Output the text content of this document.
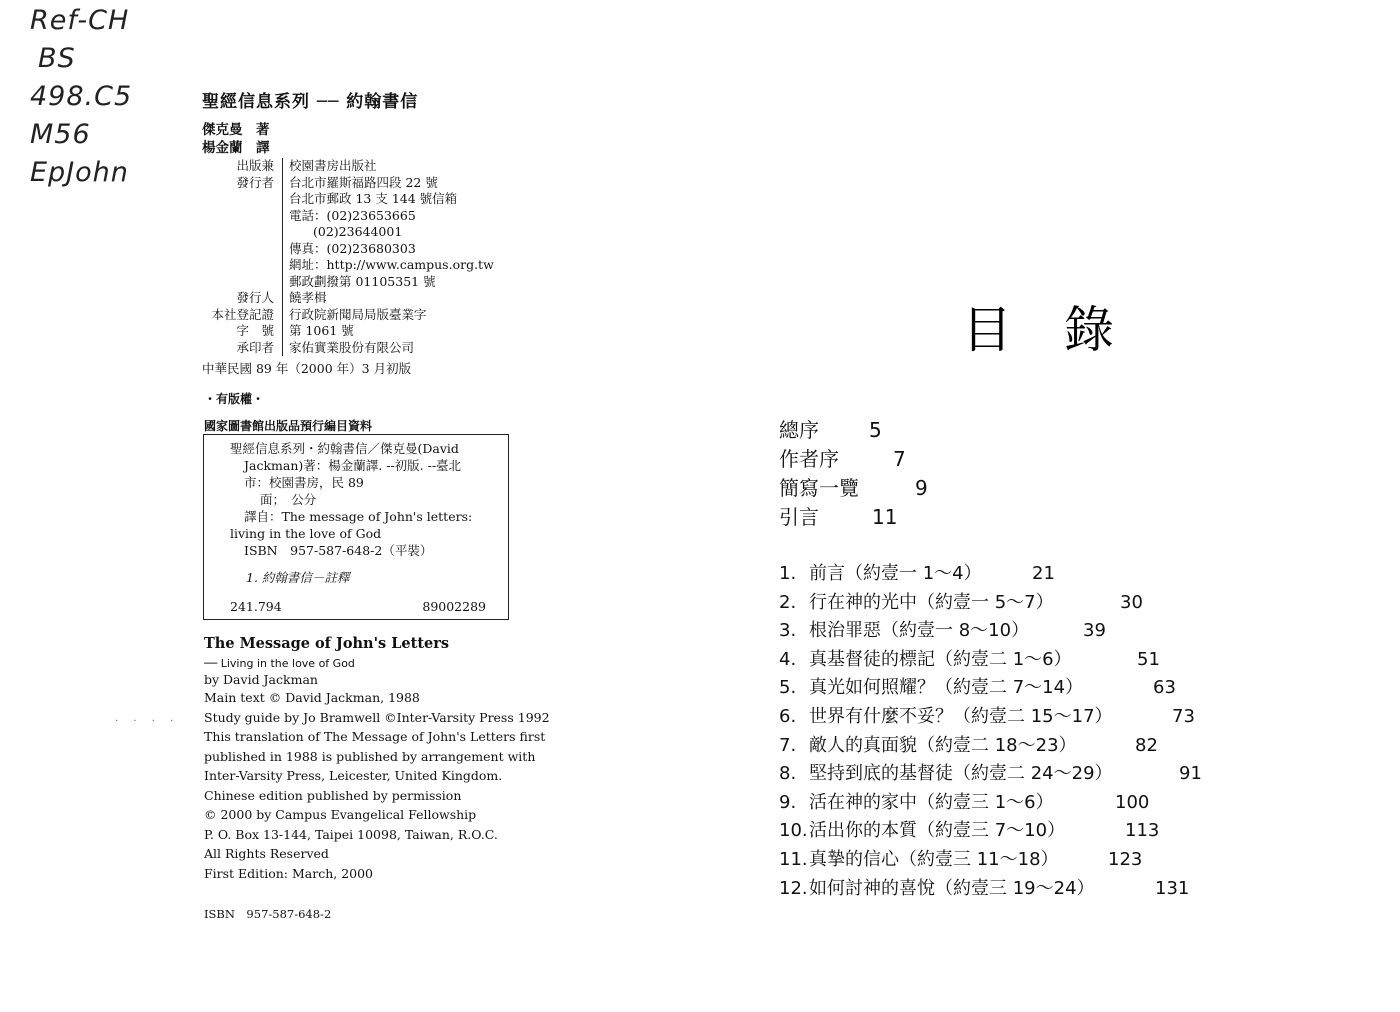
Ref-CH
BS
498.C5
M56
EpJohn
聖經信息系列 ── 約翰書信
傑克曼　著
楊金蘭　譯
出版兼	校園書房出版社
發行者	台北市羅斯福路四段 22 號
台北市郵政 13 支 144 號信箱
電話：(02)23653665
(02)23644001
傳真：(02)23680303
網址：http://www.campus.org.tw
郵政劃撥第 01105351 號
發行人	饒孝楫
本社登記證	行政院新聞局局版臺業字
字　號	第 1061 號
承印者	家佑實業股份有限公司
中華民國 89 年（2000 年）3 月初版
・有版權・
國家圖書館出版品預行編目資料
聖經信息系列・約翰書信／傑克曼(David
Jackman)著：楊金蘭譯. --初版. --臺北
市：校園書房，民 89
面；　公分
譯自：The message of John's letters:
living in the love of God
ISBN　957-587-648-2（平裝）
1. 約翰書信－註釋
241.794	89002289
The Message of John's Letters
── Living in the love of God
by David Jackman
Main text © David Jackman, 1988
Study guide by Jo Bramwell ©Inter-Varsity Press 1992
This translation of The Message of John's Letters first
published in 1988 is published by arrangement with
Inter-Varsity Press, Leicester, United Kingdom.
Chinese edition published by permission
© 2000 by Campus Evangelical Fellowship
P. O. Box 13-144, Taipei 10098, Taiwan, R.O.C.
All Rights Reserved
First Edition: March, 2000
ISBN　957-587-648-2
· · · ·
目錄
總序	5
作者序	7
簡寫一覽	9
引言	11
1. 前言（約壹一 1～4）	21
2. 行在神的光中（約壹一 5～7）	30
3. 根治罪惡（約壹一 8～10）	39
4. 真基督徒的標記（約壹二 1～6）	51
5. 真光如何照耀？（約壹二 7～14）	63
6. 世界有什麼不妥？（約壹二 15～17）	73
7. 敵人的真面貌（約壹二 18～23）	82
8. 堅持到底的基督徒（約壹二 24～29）	91
9. 活在神的家中（約壹三 1～6）	100
10.活出你的本質（約壹三 7～10）	113
11.真摯的信心（約壹三 11～18）	123
12.如何討神的喜悅（約壹三 19～24）	131
